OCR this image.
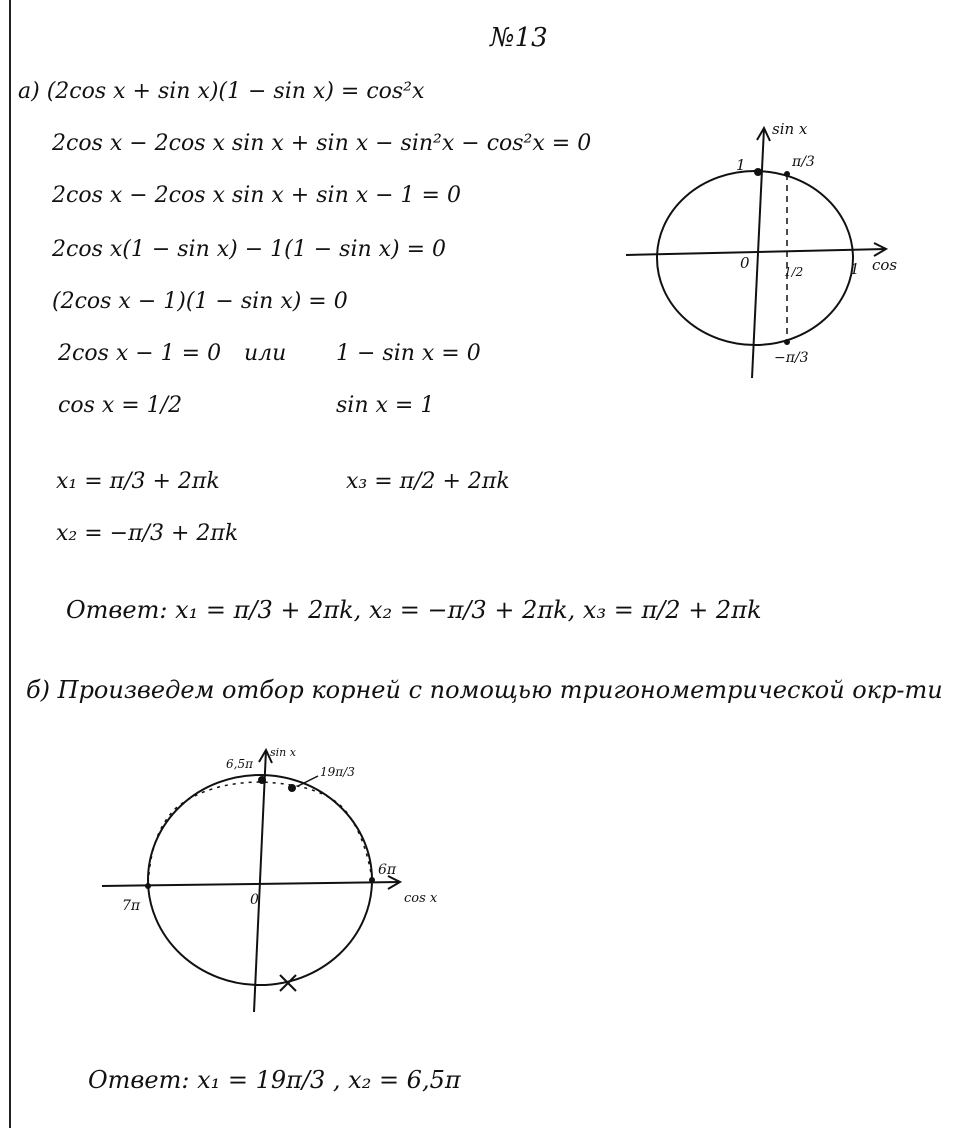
№13
а) (2cos x + sin x)(1 − sin x) = cos²x
2cos x − 2cos x sin x + sin x − sin²x − cos²x = 0
2cos x − 2cos x sin x + sin x − 1 = 0
2cos x(1 − sin x) − 1(1 − sin x) = 0
(2cos x − 1)(1 − sin x) = 0
2cos x − 1 = 0 или 1 − sin x = 0
cos x = 1/2	sin x = 1
x₁ = π/3 + 2πk	x₃ = π/2 + 2πk
x₂ = −π/3 + 2πk
Ответ: x₁ = π/3 + 2πk, x₂ = −π/3 + 2πk, x₃ = π/2 + 2πk
sin x
cos
0	1
1
1/2
π/3
−π/3
б) Произведем отбор корней с помощью тригонометрической окр-ти
sin x
cos x
0
6,5π
19π/3
6π
7π
Ответ: x₁ = 19π/3 , x₂ = 6,5π
